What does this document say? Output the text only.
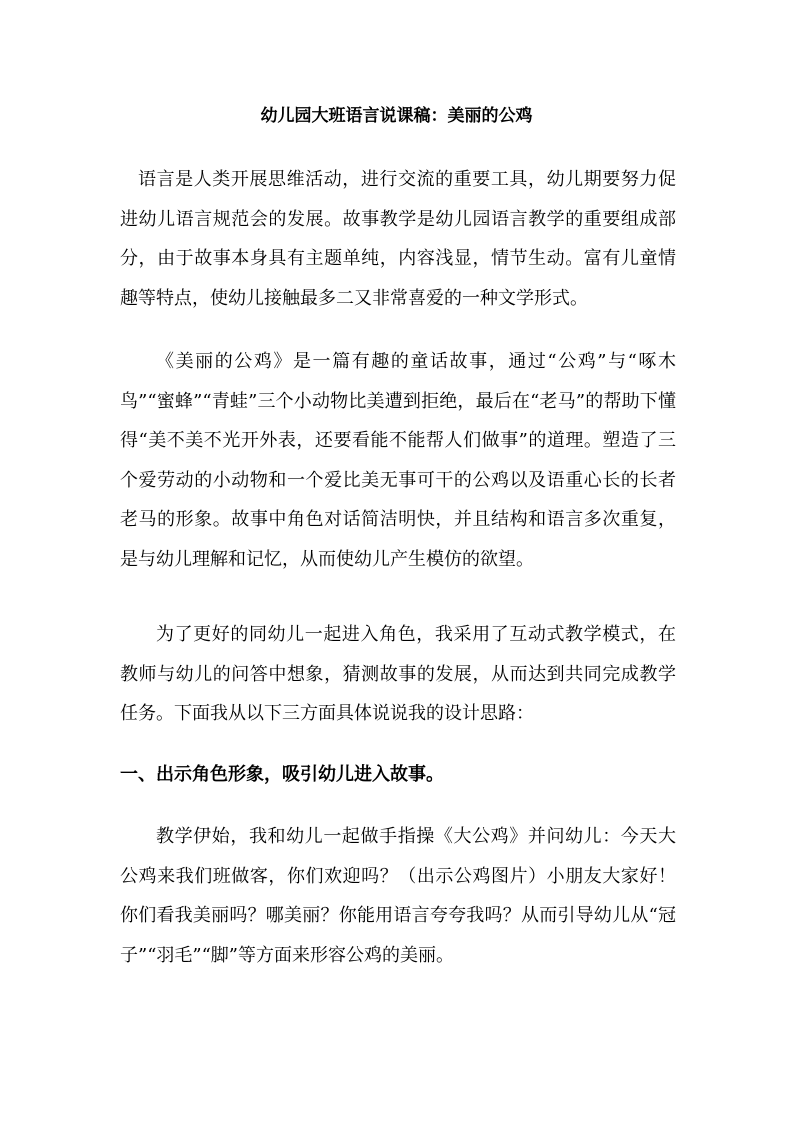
幼儿园大班语言说课稿：美丽的公鸡

语言是人类开展思维活动，进行交流的重要工具，幼儿期要努力促进幼儿语言规范会的发展。故事教学是幼儿园语言教学的重要组成部分，由于故事本身具有主题单纯，内容浅显，情节生动。富有儿童情趣等特点，使幼儿接触最多二又非常喜爱的一种文学形式。

《美丽的公鸡》是一篇有趣的童话故事，通过“公鸡”与“啄木鸟”“蜜蜂”“青蛙”三个小动物比美遭到拒绝，最后在“老马”的帮助下懂得“美不美不光开外表，还要看能不能帮人们做事”的道理。塑造了三个爱劳动的小动物和一个爱比美无事可干的公鸡以及语重心长的长者老马的形象。故事中角色对话简洁明快，并且结构和语言多次重复，是与幼儿理解和记忆，从而使幼儿产生模仿的欲望。

为了更好的同幼儿一起进入角色，我采用了互动式教学模式，在教师与幼儿的问答中想象，猜测故事的发展，从而达到共同完成教学任务。下面我从以下三方面具体说说我的设计思路：

一、出示角色形象，吸引幼儿进入故事。

教学伊始，我和幼儿一起做手指操《大公鸡》并问幼儿：今天大公鸡来我们班做客，你们欢迎吗？（出示公鸡图片）小朋友大家好！你们看我美丽吗？哪美丽？你能用语言夸夸我吗？从而引导幼儿从“冠子”“羽毛”“脚”等方面来形容公鸡的美丽。
